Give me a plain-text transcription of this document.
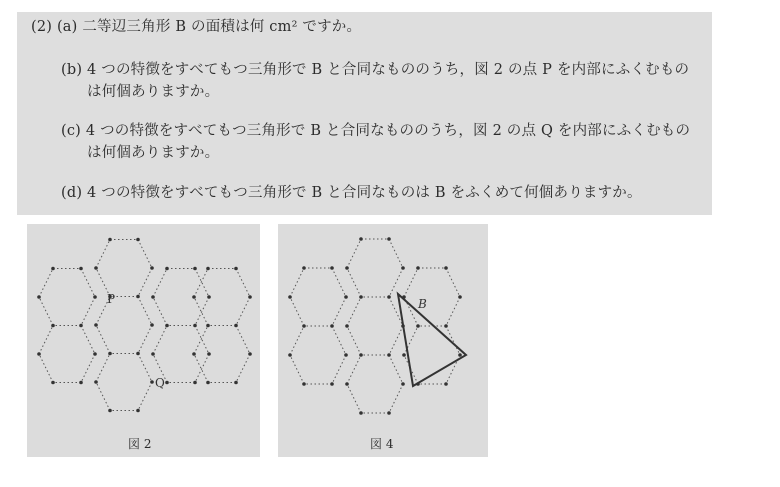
(2) (a) 二等辺三角形 B の面積は何 cm² ですか。
(b) 4 つの特徴をすべてもつ三角形で B と合同なもののうち，図 2 の点 P を内部にふくむもの
は何個ありますか。
(c) 4 つの特徴をすべてもつ三角形で B と合同なもののうち，図 2 の点 Q を内部にふくむもの
は何個ありますか。
(d) 4 つの特徴をすべてもつ三角形で B と合同なものは B をふくめて何個ありますか。
P
Q
図 2
B
図 4
